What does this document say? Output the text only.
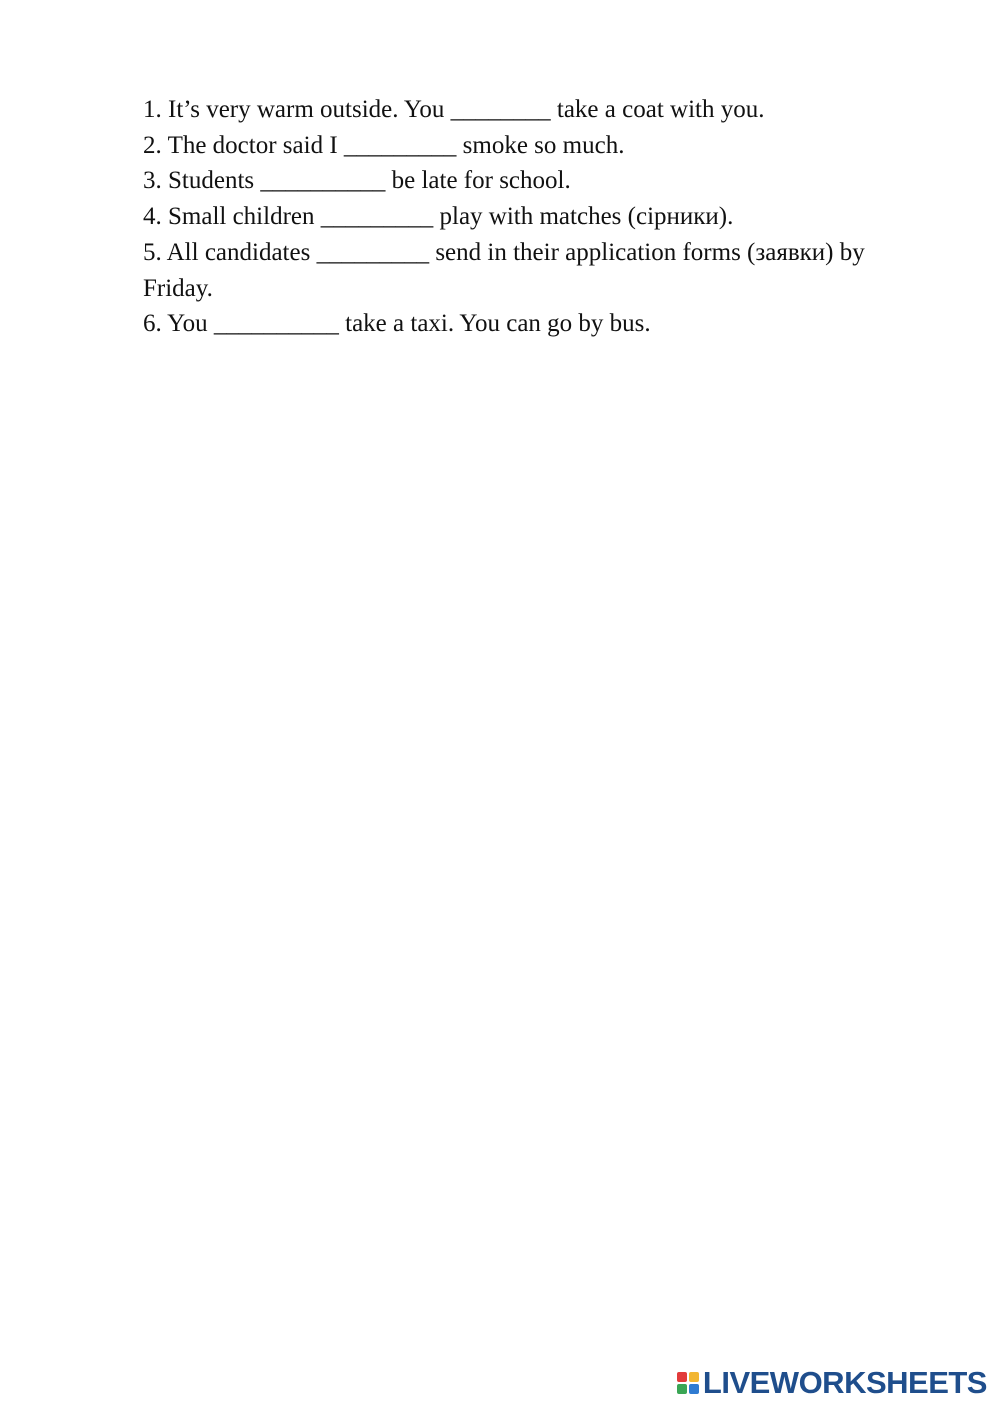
1. It’s very warm outside. You ________ take a coat with you.

2. The doctor said I _________ smoke so much.

3. Students __________ be late for school.

4. Small children _________ play with matches (сірники).

5. All candidates _________ send in their application forms (заявки) by Friday.

6. You __________ take a taxi. You can go by bus.

LIVEWORKSHEETS
